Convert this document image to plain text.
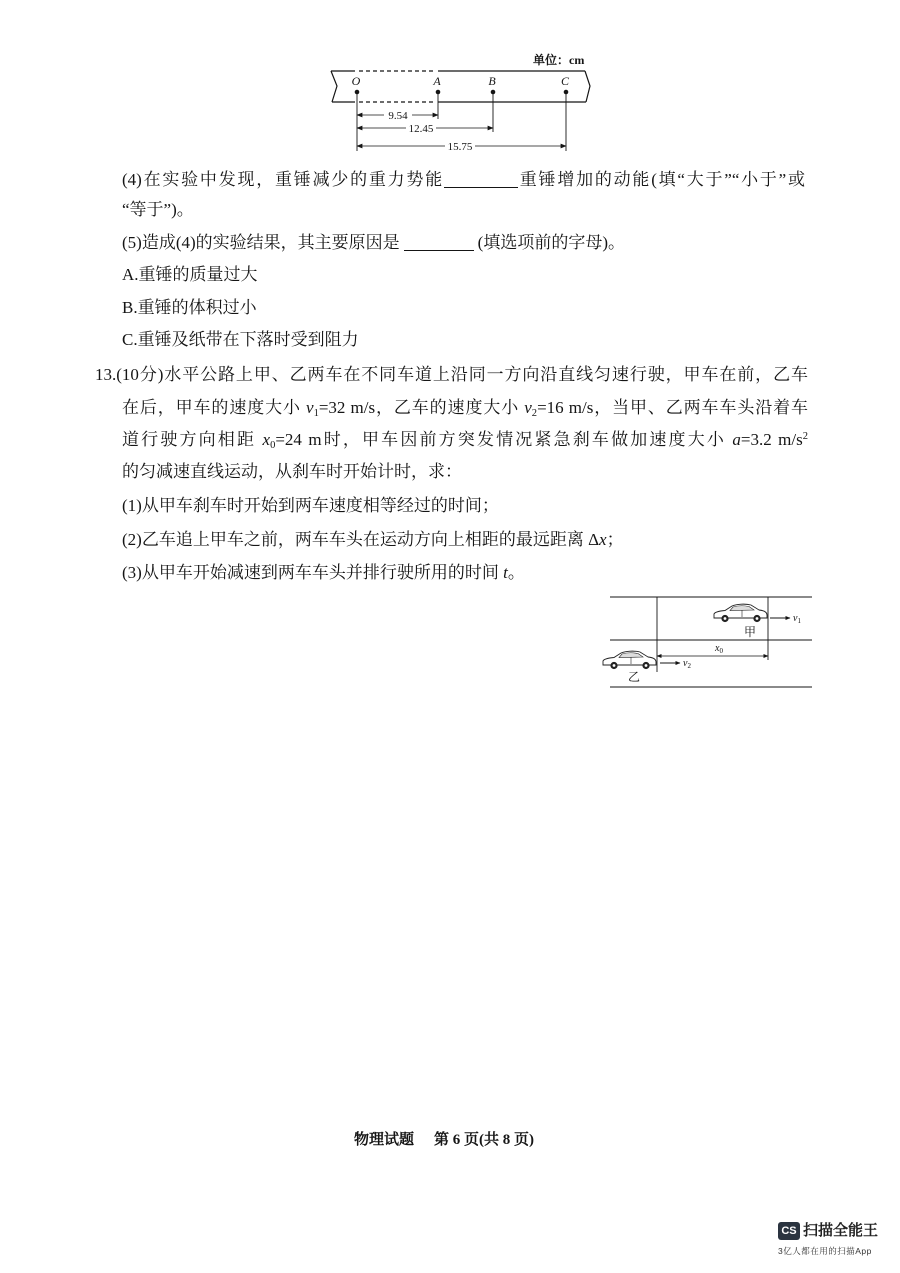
单位：cm
O	A	B	C
9.54
12.45
15.75
(4)在实验中发现，重锤减少的重力势能	重锤增加的动能(填“大于”“小于”或
“等于”)。
(5)造成(4)的实验结果，其主要原因是	(填选项前的字母)。
A.重锤的质量过大
B.重锤的体积过小
C.重锤及纸带在下落时受到阻力
13.(10分)水平公路上甲、乙两车在不同车道上沿同一方向沿直线匀速行驶，甲车在前，乙车
在后，甲车的速度大小 v1=32 m/s，乙车的速度大小 v2=16 m/s，当甲、乙两车车头沿着车
道行驶方向相距 x0=24 m时，甲车因前方突发情况紧急刹车做加速度大小 a=3.2 $m/s^2$
的匀减速直线运动，从刹车时开始计时，求：
(1)从甲车刹车时开始到两车速度相等经过的时间；
(2)乙车追上甲车之前，两车车头在运动方向上相距的最远距离 Δx；
(3)从甲车开始减速到两车车头并排行驶所用的时间 t。
$v_1$
甲
$x_0$
$v_2$
乙
物理试题 第 6 页(共 8 页)
CS 扫描全能王
3亿人都在用的扫描App
